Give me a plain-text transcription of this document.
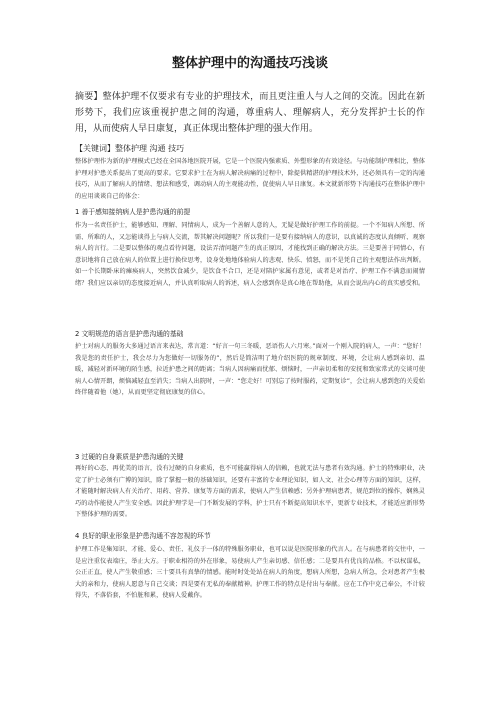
整体护理中的沟通技巧浅谈
摘要】整体护理不仅要求有专业的护理技术，而且更注重人与人之间的交流。因此在新形势下，我们应该重视护患之间的沟通，尊重病人、理解病人，充分发挥护士长的作用，从而使病人早日康复，真正体现出整体护理的强大作用。
【关键词】整体护理 沟通 技巧
整体护理作为新的护理模式已经在全国各地医院开展，它是一个医院内强素质、外塑形象的有效途径。与功能制护理相比，整体护理对护患关系提出了更高的要求。它要求护士在为病人解决病痛的过程中，除提供精湛的护理技术外，还必须具有一定的沟通技巧，从而了解病人的情绪、想法和感受，调动病人的主观能动性，促使病人早日康复。本文就新形势下沟通技巧在整体护理中的应用谈谈自己的体会：
1 善于感知接纳病人是护患沟通的前提
作为一名责任护士，能够感知、理解、同情病人，成为一个善解人意的人，无疑是做好护理工作的前提。一个不知病人所想、所需、所难的人，又怎能谈得上与病人交流，帮其解决问题呢？所以我们一是要有接纳病人的意识，以真诚的态度认真倾听、观察病人的言行。二是要以整体的观点看待问题，设法弄清问题产生的真正原因，才能找到正确的解决方法。三是要善于同情心，有意识地将自己放在病人的位置上进行换位思考，设身处地地体验病人的悲观、快乐、愤怒，而不是凭自己的主观想法作出判断。如一个长期卧床的瘫痪病人，突然饮食减少，是饮食不合口，还是对陪护家属有意见，或者是对治疗、护理工作不满意而闹情绪？我们应以亲切的态度接近病人，并认真听取病人的诉述，病人会感到你是真心地在帮助他，从而会说出内心的真实感受和。
2 文明规范的语言是护患沟通的基础
护士对病人的服务大多通过语言来表达，常言道：“好言一句三冬暖，恶语伤人六月寒。”面对一个刚入院的病人，一声：“您好！我是您的责任护士，我会尽力为您做好一切服务的”，然后是简洁明了地介绍医院的规章制度、环境，会让病人感到亲切、温暖，减轻对新环境的陌生感，拉近护患之间的距离；当病人因病痛而忧郁、烦恼时，一声亲切柔和的安抚和致家常式的交谈可使病人心情开朗，烦恼减轻直至消失；当病人出院时，一声：“您走好！可别忘了按时服药，定期复诊”，会让病人感到您的关爱始终伴随着他（她），从而更坚定彻底康复的信心。
3 过硬的自身素质是护患沟通的关键
再好的心态、再优美的语言，没有过硬的自身素质，也不可能赢得病人的信赖，也就无法与患者有效沟通。护士的特殊职业，决定了护士必须有广博的知识，除了掌握一般的基础知识，还要有丰富的专业理论知识，如人文、社会心理等方面的知识，这样，才能随时解决病人有关治疗、用药、营养、康复等方面的需求，使病人产生信赖感；另外护理病患者，规范到位的操作，娴熟灵巧的动作能使人产生安全感。因此护理学是一门不断发展的学科，护士只有不断提高知识水平，更新专业技术，才能适应新形势下整体护理的需要。
4 良好的职业形象是护患沟通不容忽视的环节
护理工作是集知识、才能、爱心、责任、礼仪于一体的特殊服务职业，也可以说是医院形象的代言人。在与病患者的交往中，一是应注重仪表端庄，举止大方。于职业相符的外在形象，易使病人产生亲切感、信任感；二是要具有优良的品格。不以权谋私，公正正直，使人产生敬重感；三十要具有真挚的情感。能时时处处站在病人的角度，想病人所想，急病人所急，会对患者产生极大的亲和力，使病人愿意与自己交谈；四是要有无私的奉献精神。护理工作的特点是付出与奉献。应在工作中克己奉公，不计较得失，不落俗套，不怕脏和累，使病人爱戴你。
